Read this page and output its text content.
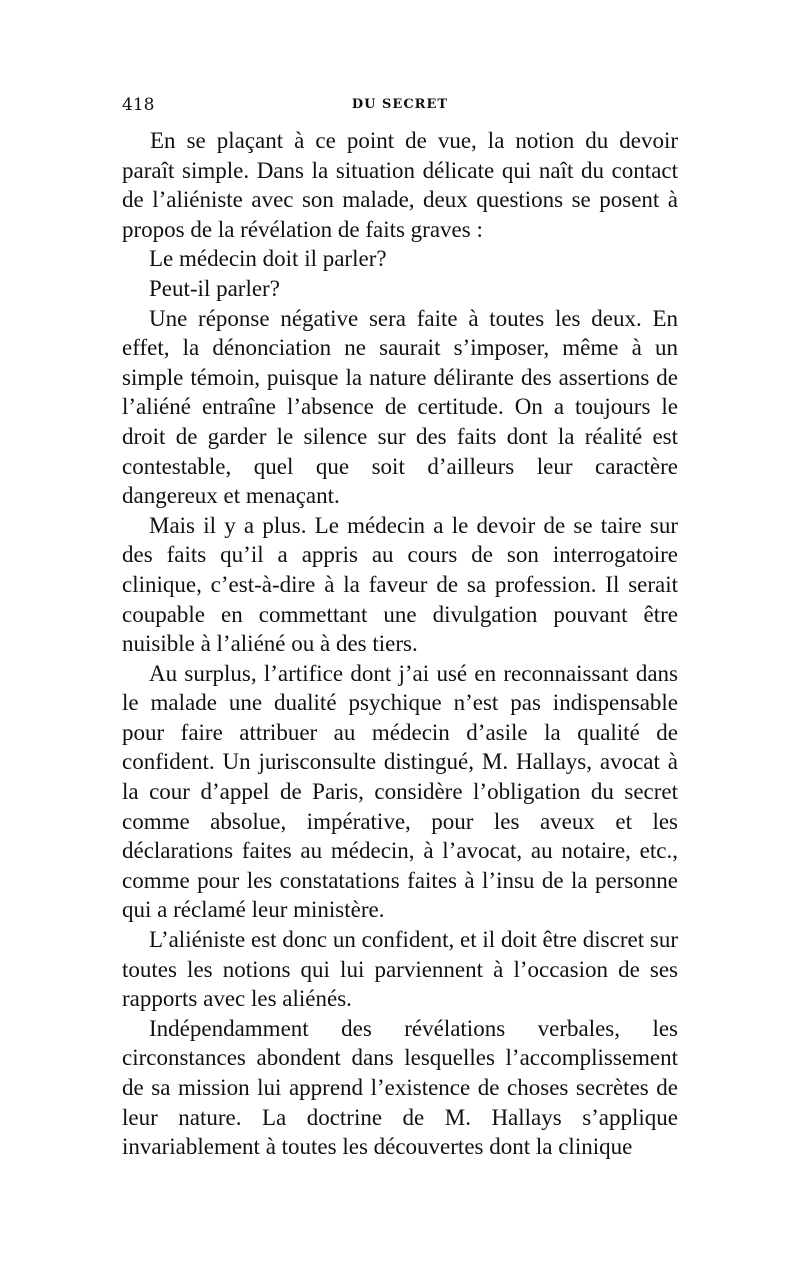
418	DU SECRET

En se plaçant à ce point de vue, la notion du devoir paraît simple. Dans la situation délicate qui naît du contact de l’aliéniste avec son malade, deux questions se posent à propos de la révélation de faits graves :

Le médecin doit il parler?

Peut-il parler?

Une réponse négative sera faite à toutes les deux. En effet, la dénonciation ne saurait s’imposer, même à un simple témoin, puisque la nature délirante des assertions de l’aliéné entraîne l’absence de certitude. On a toujours le droit de garder le silence sur des faits dont la réalité est contestable, quel que soit d’ailleurs leur caractère dangereux et menaçant.

Mais il y a plus. Le médecin a le devoir de se taire sur des faits qu’il a appris au cours de son interrogatoire clinique, c’est-à-dire à la faveur de sa profession. Il serait coupable en commettant une divulgation pouvant être nuisible à l’aliéné ou à des tiers.

Au surplus, l’artifice dont j’ai usé en reconnaissant dans le malade une dualité psychique n’est pas indispensable pour faire attribuer au médecin d’asile la qualité de confident. Un jurisconsulte distingué, M. Hallays, avocat à la cour d’appel de Paris, considère l’obligation du secret comme absolue, impérative, pour les aveux et les déclarations faites au médecin, à l’avocat, au notaire, etc., comme pour les constatations faites à l’insu de la personne qui a réclamé leur ministère.

L’aliéniste est donc un confident, et il doit être discret sur toutes les notions qui lui parviennent à l’occasion de ses rapports avec les aliénés.

Indépendamment des révélations verbales, les circonstances abondent dans lesquelles l’accomplissement de sa mission lui apprend l’existence de choses secrètes de leur nature. La doctrine de M. Hallays s’applique invariablement à toutes les découvertes dont la clinique
